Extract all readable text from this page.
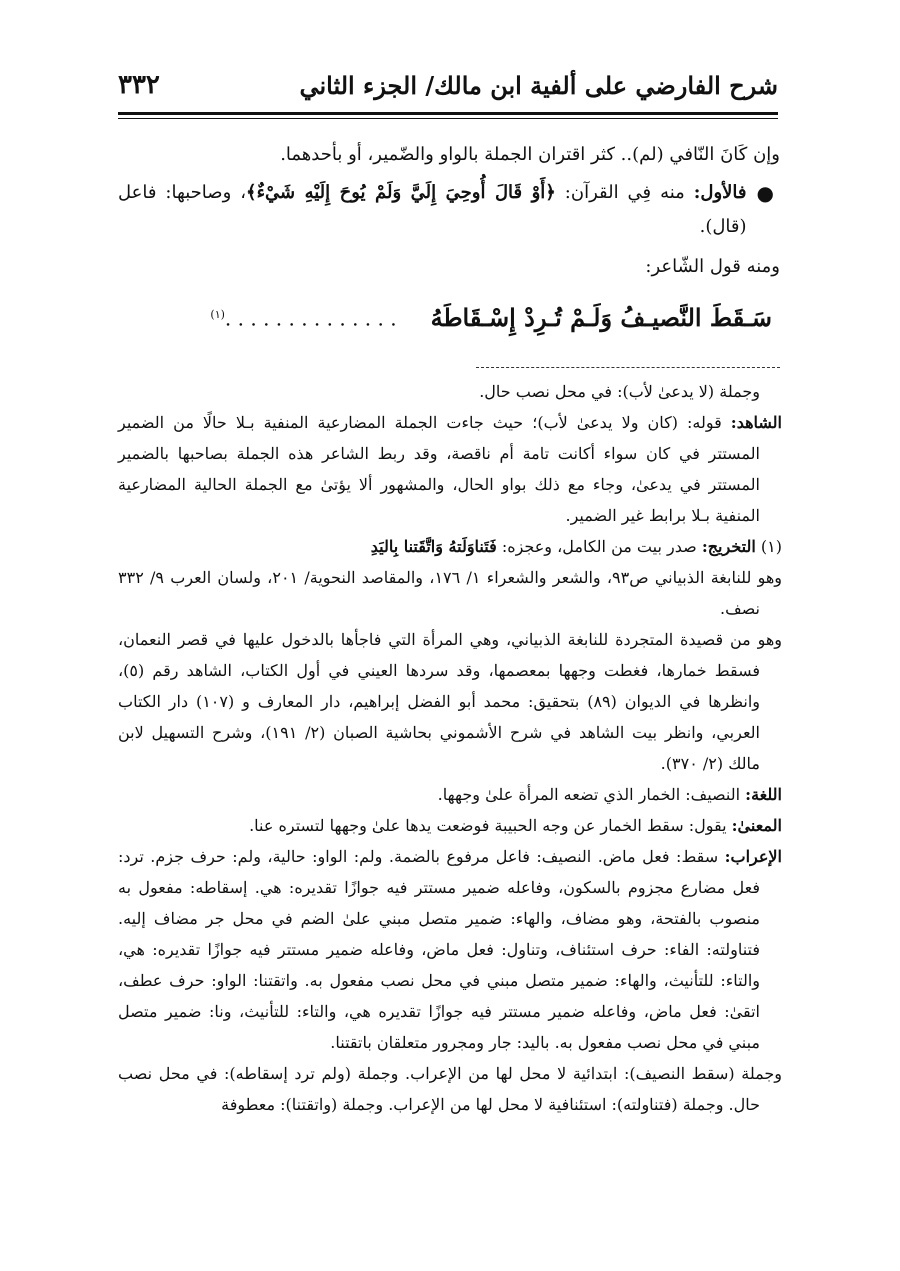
شرح الفارضي على ألفية ابن مالك/ الجزء الثاني
٣٣٢

وإن كَانَ النّافي (لم).. كثر اقتران الجملة بالواو والضّمير، أو بأحدهما.

●

فالأول: منه فِي القرآن: ﴿أَوْ قَالَ أُوحِيَ إِلَيَّ وَلَمْ يُوحَ إِلَيْهِ شَيْءٌ﴾، وصاحبها: فاعل (قال).

ومنه قول الشّاعر:

سَـقَطَ النَّصيـفُ وَلَـمْ تُـرِدْ إِسْـقَاطَهُ
. . . . . . . . . . . . . .$^{(١)}$

وجملة (لا يدعىٰ لأب): في محل نصب حال.

الشاهد: قوله: (كان ولا يدعىٰ لأب)؛ حيث جاءت الجملة المضارعية المنفية بـلا حالًا من الضمير المستتر في كان سواء أكانت تامة أم ناقصة، وقد ربط الشاعر هذه الجملة بصاحبها بالضمير المستتر في يدعىٰ، وجاء مع ذلك بواو الحال، والمشهور ألا يؤتىٰ مع الجملة الحالية المضارعية المنفية بـلا برابط غير الضمير.

(١) التخريج: صدر بيت من الكامل، وعجزه: فَتَناوَلَتهُ وَاتَّقَتنا بِاليَدِ

وهو للنابغة الذبياني ص٩٣، والشعر والشعراء ١/ ١٧٦، والمقاصد النحوية/ ٢٠١، ولسان العرب ٩/ ٣٣٢ نصف.

وهو من قصيدة المتجردة للنابغة الذبياني، وهي المرأة التي فاجأها بالدخول عليها في قصر النعمان، فسقط خمارها، فغطت وجهها بمعصمها، وقد سردها العيني في أول الكتاب، الشاهد رقم (٥)، وانظرها في الديوان (٨٩) بتحقيق: محمد أبو الفضل إبراهيم، دار المعارف و (١٠٧) دار الكتاب العربي، وانظر بيت الشاهد في شرح الأشموني بحاشية الصبان (٢/ ١٩١)، وشرح التسهيل لابن مالك (٢/ ٣٧٠).

اللغة: النصيف: الخمار الذي تضعه المرأة علىٰ وجهها.

المعنىٰ: يقول: سقط الخمار عن وجه الحبيبة فوضعت يدها علىٰ وجهها لتستره عنا.

الإعراب: سقط: فعل ماض. النصيف: فاعل مرفوع بالضمة. ولم: الواو: حالية، ولم: حرف جزم. ترد: فعل مضارع مجزوم بالسكون، وفاعله ضمير مستتر فيه جوازًا تقديره: هي. إسقاطه: مفعول به منصوب بالفتحة، وهو مضاف، والهاء: ضمير متصل مبني علىٰ الضم في محل جر مضاف إليه. فتناولته: الفاء: حرف استئناف، وتناول: فعل ماض، وفاعله ضمير مستتر فيه جوازًا تقديره: هي، والتاء: للتأنيث، والهاء: ضمير متصل مبني في محل نصب مفعول به. واتقتنا: الواو: حرف عطف، اتقىٰ: فعل ماض، وفاعله ضمير مستتر فيه جوازًا تقديره هي، والتاء: للتأنيث، ونا: ضمير متصل مبني في محل نصب مفعول به. باليد: جار ومجرور متعلقان باتقتنا.

وجملة (سقط النصيف): ابتدائية لا محل لها من الإعراب. وجملة (ولم ترد إسقاطه): في محل نصب حال. وجملة (فتناولته): استئنافية لا محل لها من الإعراب. وجملة (واتقتنا): معطوفة
